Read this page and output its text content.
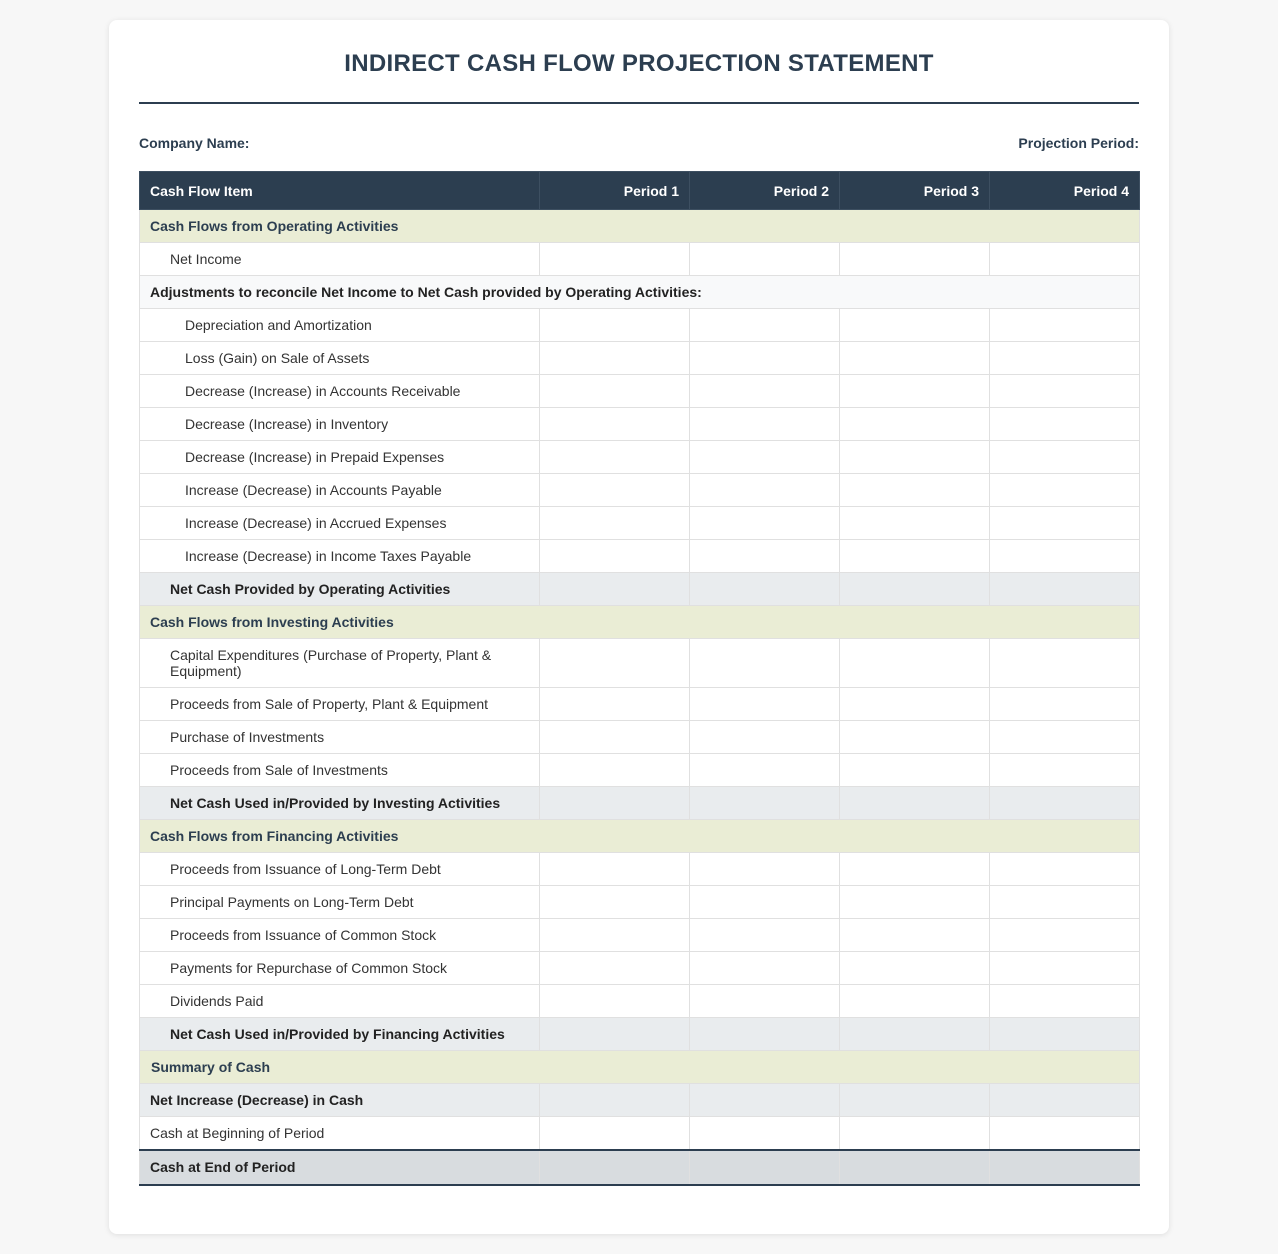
INDIRECT CASH FLOW PROJECTION STATEMENT
Company Name:	Projection Period:
Cash Flow Item	Period 1	Period 2	Period 3	Period 4
Cash Flows from Operating Activities				
Net Income				
Adjustments to reconcile Net Income to Net Cash provided by Operating Activities:				
Depreciation and Amortization				
Loss (Gain) on Sale of Assets				
Decrease (Increase) in Accounts Receivable				
Decrease (Increase) in Inventory				
Decrease (Increase) in Prepaid Expenses				
Increase (Decrease) in Accounts Payable				
Increase (Decrease) in Accrued Expenses				
Increase (Decrease) in Income Taxes Payable				
Net Cash Provided by Operating Activities				
Cash Flows from Investing Activities				
Capital Expenditures (Purchase of Property, Plant & Equipment)				
Proceeds from Sale of Property, Plant & Equipment				
Purchase of Investments				
Proceeds from Sale of Investments				
Net Cash Used in/Provided by Investing Activities				
Cash Flows from Financing Activities				
Proceeds from Issuance of Long-Term Debt				
Principal Payments on Long-Term Debt				
Proceeds from Issuance of Common Stock				
Payments for Repurchase of Common Stock				
Dividends Paid				
Net Cash Used in/Provided by Financing Activities				
Summary of Cash				
Net Increase (Decrease) in Cash				
Cash at Beginning of Period				
Cash at End of Period				
